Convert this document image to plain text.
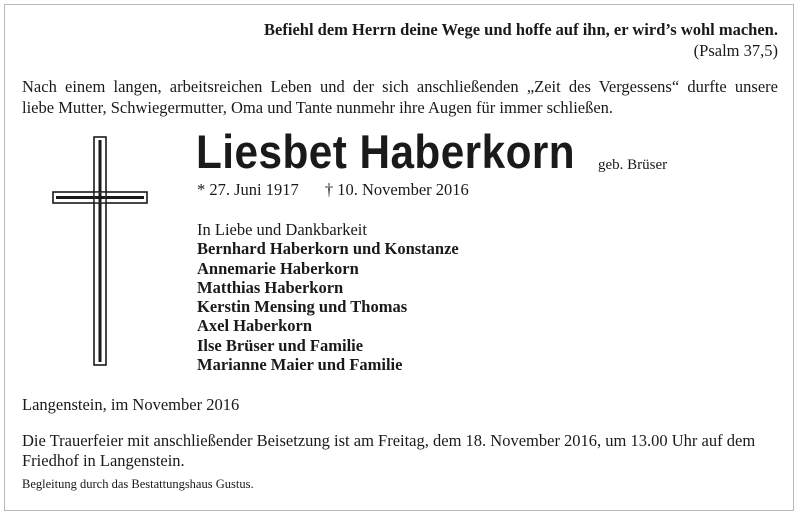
Befiehl dem Herrn deine Wege und hoffe auf ihn, er wird’s wohl machen.
(Psalm 37,5)
Nach einem langen, arbeitsreichen Leben und der sich anschließenden „Zeit des Vergessens“ durfte unsere
liebe Mutter, Schwiegermutter, Oma und Tante nunmehr ihre Augen für immer schließen.
Liesbet Haberkorn geb. Brüser
* 27. Juni 1917 † 10. November 2016
In Liebe und Dankbarkeit
Bernhard Haberkorn und Konstanze
Annemarie Haberkorn
Matthias Haberkorn
Kerstin Mensing und Thomas
Axel Haberkorn
Ilse Brüser und Familie
Marianne Maier und Familie
Langenstein, im November 2016
Die Trauerfeier mit anschließender Beisetzung ist am Freitag, dem 18. November 2016, um 13.00 Uhr auf dem
Friedhof in Langenstein.
Begleitung durch das Bestattungshaus Gustus.
